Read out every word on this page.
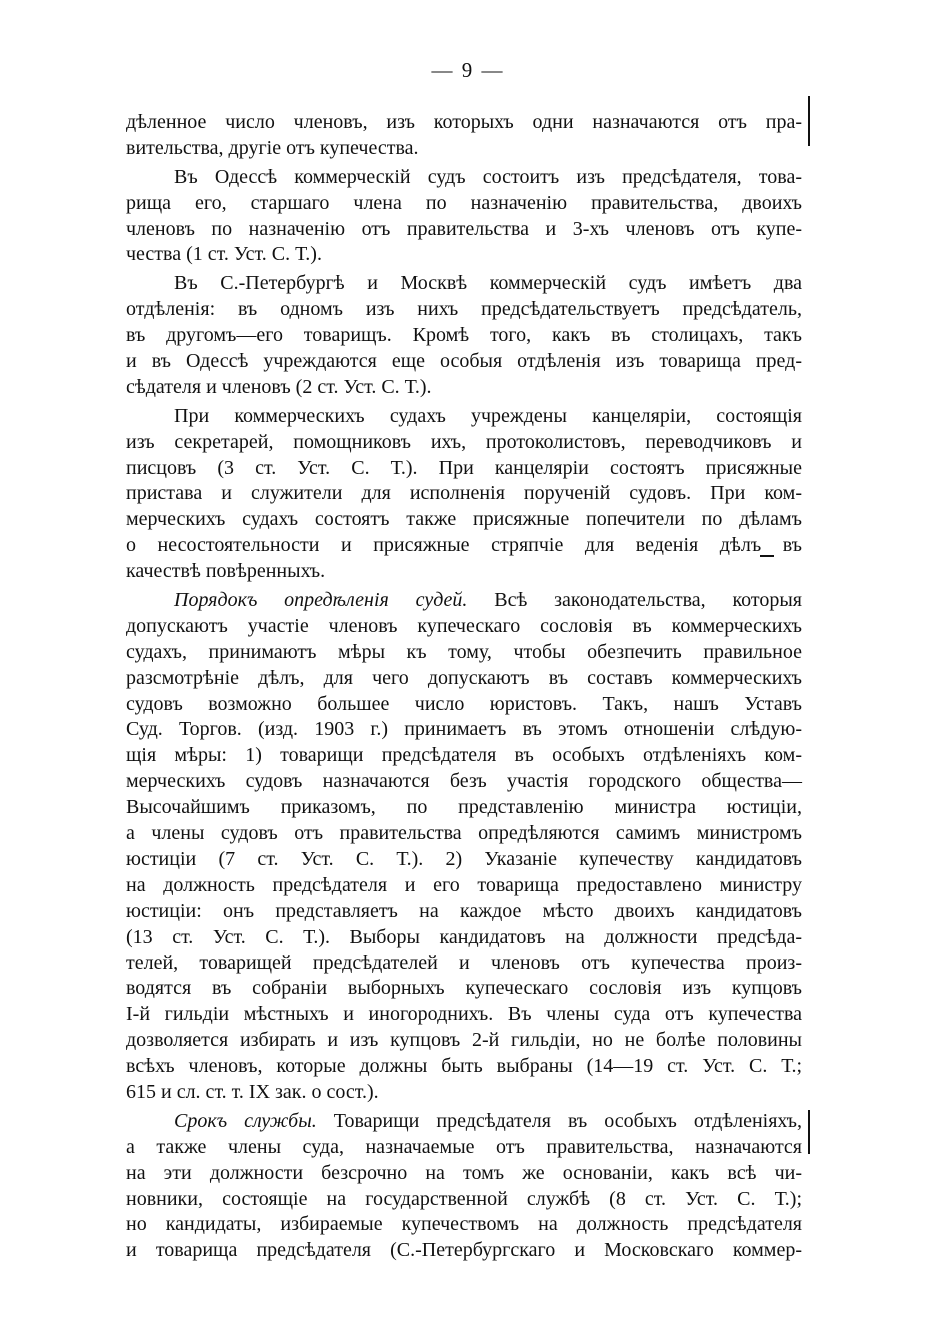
— 9 —
дѣленное число членовъ, изъ которыхъ одни назначаются отъ пра-
вительства, другіе отъ купечества.
Въ Одессѣ коммерческій судъ состоитъ изъ предсѣдателя, това-
рища его, старшаго члена по назначенію правительства, двоихъ
членовъ по назначенію отъ правительства и 3-хъ членовъ отъ купе-
чества (1 ст. Уст. С. Т.).
Въ С.-Петербургѣ и Москвѣ коммерческій судъ имѣетъ два
отдѣленія: въ одномъ изъ нихъ предсѣдательствуетъ предсѣдатель,
въ другомъ—его товарищъ. Кромѣ того, какъ въ столицахъ, такъ
и въ Одессѣ учреждаются еще особыя отдѣленія изъ товарища пред-
сѣдателя и членовъ (2 ст. Уст. С. Т.).
При коммерческихъ судахъ учреждены канцеляріи, состоящія
изъ секретарей, помощниковъ ихъ, протоколистовъ, переводчиковъ и
писцовъ (3 ст. Уст. С. Т.). При канцеляріи состоятъ присяжные
пристава и служители для исполненія порученій судовъ. При ком-
мерческихъ судахъ состоятъ также присяжные попечители по дѣламъ
о несостоятельности и присяжные стряпчіе для веденія дѣлъ въ
качествѣ повѣренныхъ.
Порядокъ опредѣленія судей. Всѣ законодательства, которыя
допускаютъ участіе членовъ купеческаго сословія въ коммерческихъ
судахъ, принимаютъ мѣры къ тому, чтобы обезпечить правильное
разсмотрѣніе дѣлъ, для чего допускаютъ въ составъ коммерческихъ
судовъ возможно большее число юристовъ. Такъ, нашъ Уставъ
Суд. Торгов. (изд. 1903 г.) принимаетъ въ этомъ отношеніи слѣдую-
щія мѣры: 1) товарищи предсѣдателя въ особыхъ отдѣленіяхъ ком-
мерческихъ судовъ назначаются безъ участія городского общества—
Высочайшимъ приказомъ, по представленію министра юстиціи,
а члены судовъ отъ правительства опредѣляются самимъ министромъ
юстиціи (7 ст. Уст. С. Т.). 2) Указаніе купечеству кандидатовъ
на должность предсѣдателя и его товарища предоставлено министру
юстиціи: онъ представляетъ на каждое мѣсто двоихъ кандидатовъ
(13 ст. Уст. С. Т.). Выборы кандидатовъ на должности предсѣда-
телей, товарищей предсѣдателей и членовъ отъ купечества произ-
водятся въ собраніи выборныхъ купеческаго сословія изъ купцовъ
I-й гильдіи мѣстныхъ и иногороднихъ. Въ члены суда отъ купечества
дозволяется избирать и изъ купцовъ 2-й гильдіи, но не болѣе половины
всѣхъ членовъ, которые должны быть выбраны (14—19 ст. Уст. С. Т.;
615 и сл. ст. т. IX зак. о сост.).
Срокъ службы. Товарищи предсѣдателя въ особыхъ отдѣленіяхъ,
а также члены суда, назначаемые отъ правительства, назначаются
на эти должности безсрочно на томъ же основаніи, какъ всѣ чи-
новники, состоящіе на государственной службѣ (8 ст. Уст. С. Т.);
но кандидаты, избираемые купечествомъ на должность предсѣдателя
и товарища предсѣдателя (С.-Петербургскаго и Московскаго коммер-
